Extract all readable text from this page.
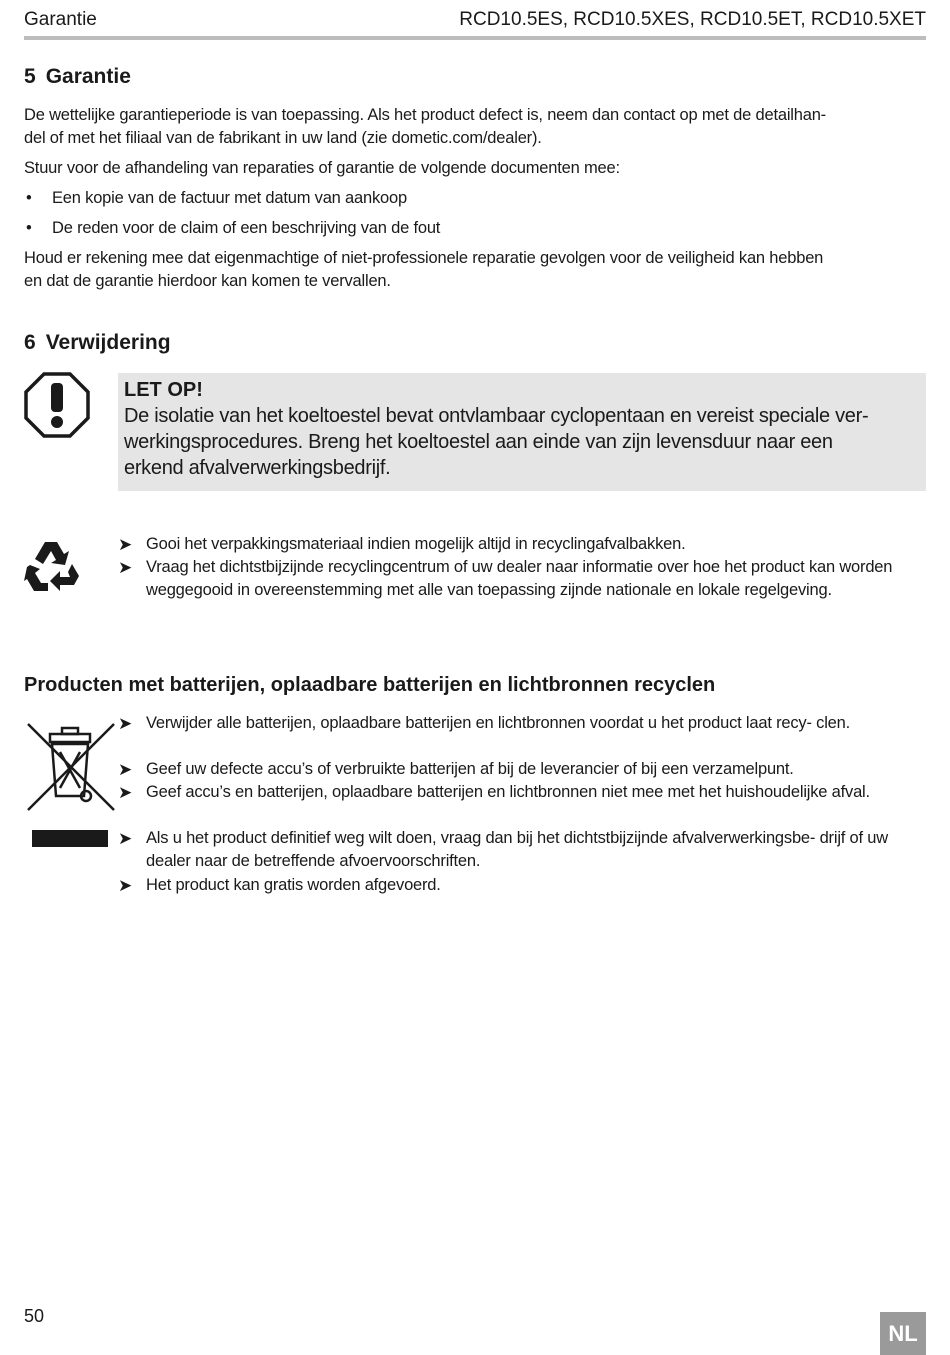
Garantie	RCD10.5ES, RCD10.5XES, RCD10.5ET, RCD10.5XET
5 Garantie

De wettelijke garantieperiode is van toepassing. Als het product defect is, neem dan contact op met de detailhan-
del of met het filiaal van de fabrikant in uw land (zie dometic.com/dealer).

Stuur voor de afhandeling van reparaties of garantie de volgende documenten mee:

• Een kopie van de factuur met datum van aankoop
• De reden voor de claim of een beschrijving van de fout

Houd er rekening mee dat eigenmachtige of niet-professionele reparatie gevolgen voor de veiligheid kan hebben
en dat de garantie hierdoor kan komen te vervallen.

6 Verwijdering
LET OP!
De isolatie van het koeltoestel bevat ontvlambaar cyclopentaan en vereist speciale ver-
werkingsprocedures. Breng het koeltoestel aan einde van zijn levensduur naar een
erkend afvalverwerkingsbedrijf.
➤ Gooi het verpakkingsmateriaal indien mogelijk altijd in recyclingafvalbakken.
➤ Vraag het dichtstbijzijnde recyclingcentrum of uw dealer naar informatie over hoe het product kan worden weggegooid in overeenstemming met alle van toepassing zijnde nationale en lokale regelgeving.
Producten met batterijen, oplaadbare batterijen en lichtbronnen recyclen
➤ Verwijder alle batterijen, oplaadbare batterijen en lichtbronnen voordat u het product laat recy- clen.
➤ Geef uw defecte accu’s of verbruikte batterijen af bij de leverancier of bij een verzamelpunt.
➤ Geef accu’s en batterijen, oplaadbare batterijen en lichtbronnen niet mee met het huishoudelijke afval.
➤ Als u het product definitief weg wilt doen, vraag dan bij het dichtstbijzijnde afvalverwerkingsbe- drijf of uw dealer naar de betreffende afvoervoorschriften.
➤ Het product kan gratis worden afgevoerd.
50
NL
